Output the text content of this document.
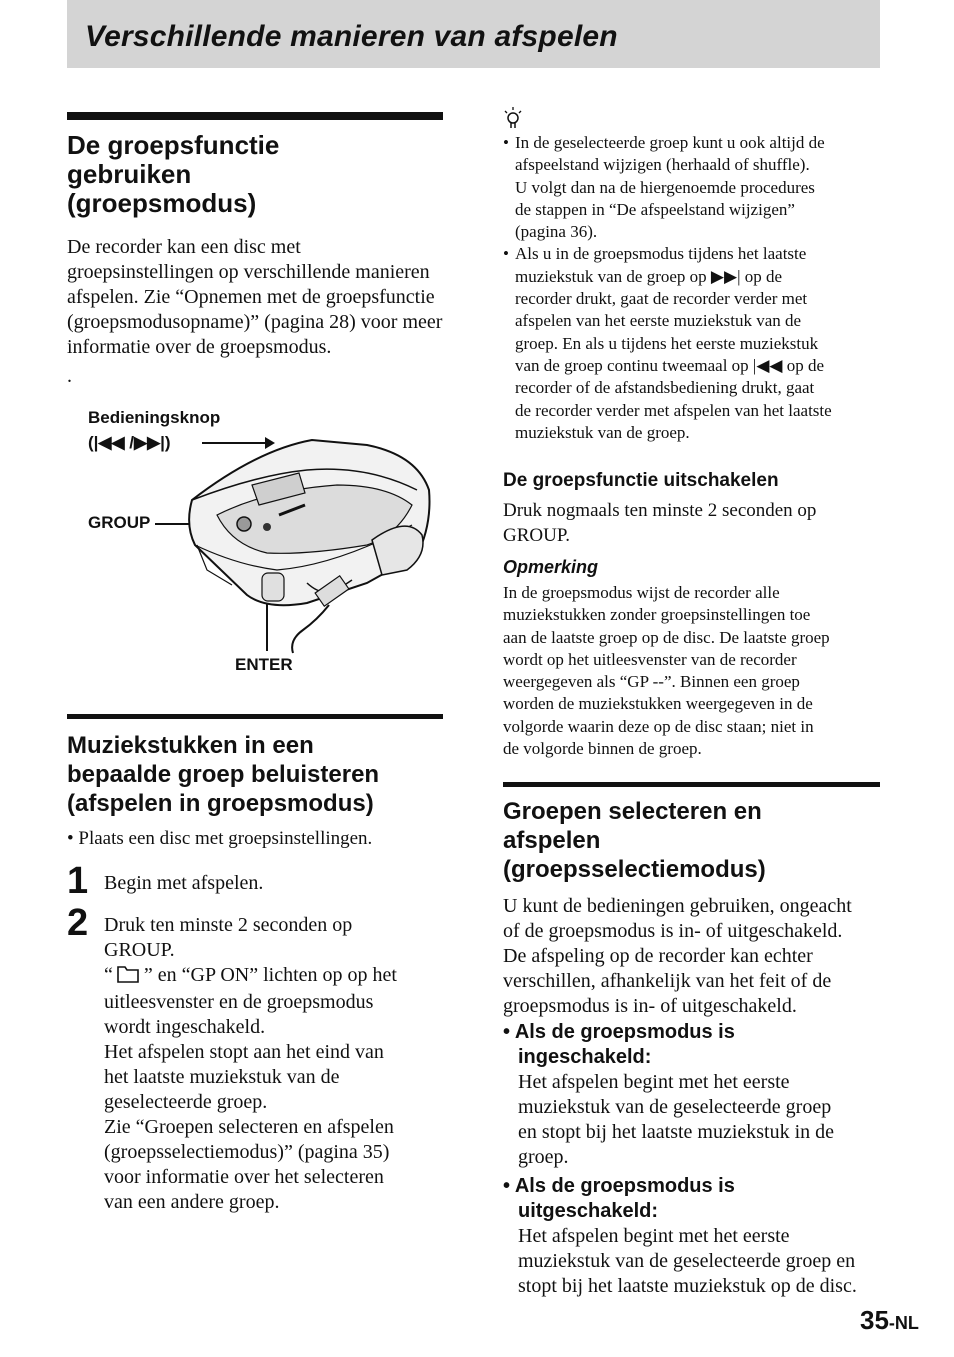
Verschillende manieren van afspelen
De groepsfunctie
gebruiken
(groepsmodus)

De recorder kan een disc met groepsinstellingen op verschillende manieren afspelen. Zie “Opnemen met de groepsfunctie (groepsmodusopname)” (pagina 28) voor meer informatie over de groepsmodus.

.
Bedieningsknop
(|◀◀ /▶▶|)
GROUP
ENTER
Muziekstukken in een
bepaalde groep beluisteren
(afspelen in groepsmodus)
• Plaats een disc met groepsinstellingen.
1 Begin met afspelen.
2 Druk ten minste 2 seconden op
GROUP.
“ ” en “GP ON” lichten op op het
uitleesvenster en de groepsmodus
wordt ingeschakeld.
Het afspelen stopt aan het eind van
het laatste muziekstuk van de
geselecteerde groep.
Zie “Groepen selecteren en afspelen
(groepsselectiemodus)” (pagina 35)
voor informatie over het selecteren
van een andere groep.
• In de geselecteerde groep kunt u ook altijd de
afspeelstand wijzigen (herhaald of shuffle).
U volgt dan na de hiergenoemde procedures
de stappen in “De afspeelstand wijzigen”
(pagina 36).
• Als u in de groepsmodus tijdens het laatste
muziekstuk van de groep op ▶▶| op de
recorder drukt, gaat de recorder verder met
afspelen van het eerste muziekstuk van de
groep. En als u tijdens het eerste muziekstuk
van de groep continu tweemaal op |◀◀ op de
recorder of de afstandsbediening drukt, gaat
de recorder verder met afspelen van het laatste
muziekstuk van de groep.
De groepsfunctie uitschakelen
Druk nogmaals ten minste 2 seconden op
GROUP.
Opmerking
In de groepsmodus wijst de recorder alle
muziekstukken zonder groepsinstellingen toe
aan de laatste groep op de disc. De laatste groep
wordt op het uitleesvenster van de recorder
weergegeven als “GP --”. Binnen een groep
worden de muziekstukken weergegeven in de
volgorde waarin deze op de disc staan; niet in
de volgorde binnen de groep.
Groepen selecteren en
afspelen
(groepsselectiemodus)
U kunt de bedieningen gebruiken, ongeacht
of de groepsmodus is in- of uitgeschakeld.
De afspeling op de recorder kan echter
verschillen, afhankelijk van het feit of de
groepsmodus is in- of uitgeschakeld.
• Als de groepsmodus is
ingeschakeld:
Het afspelen begint met het eerste
muziekstuk van de geselecteerde groep
en stopt bij het laatste muziekstuk in de
groep.
• Als de groepsmodus is
uitgeschakeld:
Het afspelen begint met het eerste
muziekstuk van de geselecteerde groep en
stopt bij het laatste muziekstuk op de disc.
35-NL
